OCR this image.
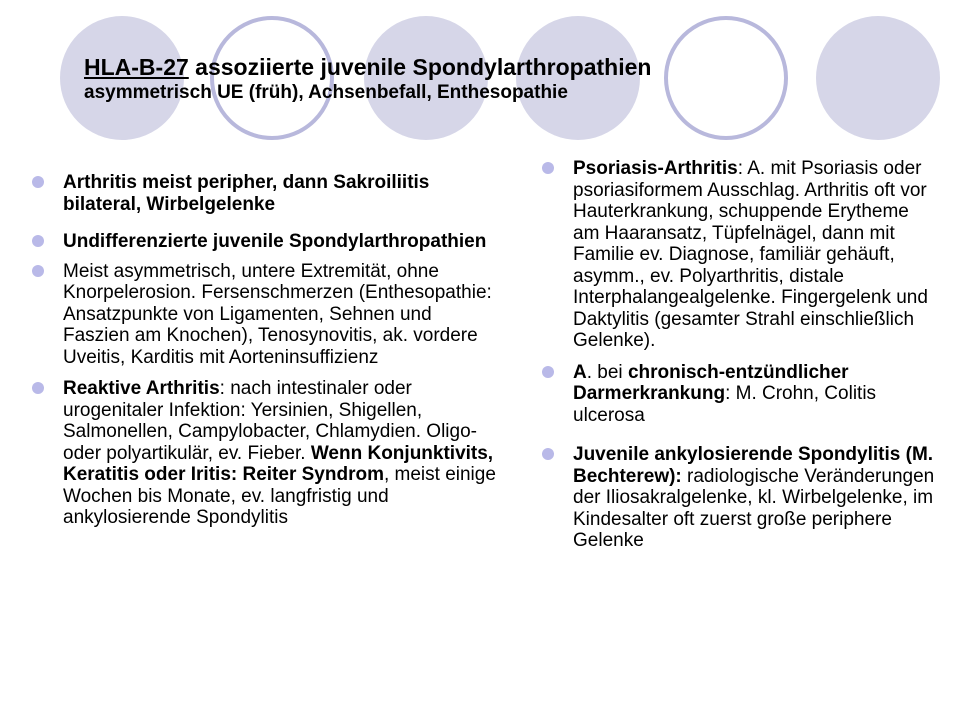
HLA-B-27 assoziierte juvenile Spondylarthropathien
asymmetrisch UE (früh), Achsenbefall, Enthesopathie
Arthritis meist peripher, dann Sakroiliitis bilateral, Wirbelgelenke
Undifferenzierte juvenile Spondylarthropathien
Meist asymmetrisch, untere Extremität, ohne Knorpelerosion. Fersenschmerzen (Enthesopathie: Ansatzpunkte von Ligamenten, Sehnen und Faszien am Knochen), Tenosynovitis, ak. vordere Uveitis, Karditis mit Aorteninsuffizienz
Reaktive Arthritis: nach intestinaler oder urogenitaler Infektion: Yersinien, Shigellen, Salmonellen, Campylobacter, Chlamydien. Oligo- oder polyartikulär, ev. Fieber. Wenn Konjunktivits, Keratitis oder Iritis: Reiter Syndrom, meist einige Wochen bis Monate, ev. langfristig und ankylosierende Spondylitis
Psoriasis-Arthritis: A. mit Psoriasis oder psoriasiformem Ausschlag. Arthritis oft vor Hauterkrankung, schuppende Erytheme am Haaransatz, Tüpfelnägel, dann mit Familie ev. Diagnose, familiär gehäuft, asymm., ev. Polyarthritis, distale Interphalangealgelenke. Fingergelenk und Daktylitis (gesamter Strahl einschließlich Gelenke).
A. bei chronisch-entzündlicher Darmerkrankung: M. Crohn, Colitis ulcerosa
Juvenile ankylosierende Spondylitis (M. Bechterew): radiologische Veränderungen der Iliosakralgelenke, kl. Wirbelgelenke, im Kindesalter oft zuerst große periphere Gelenke
